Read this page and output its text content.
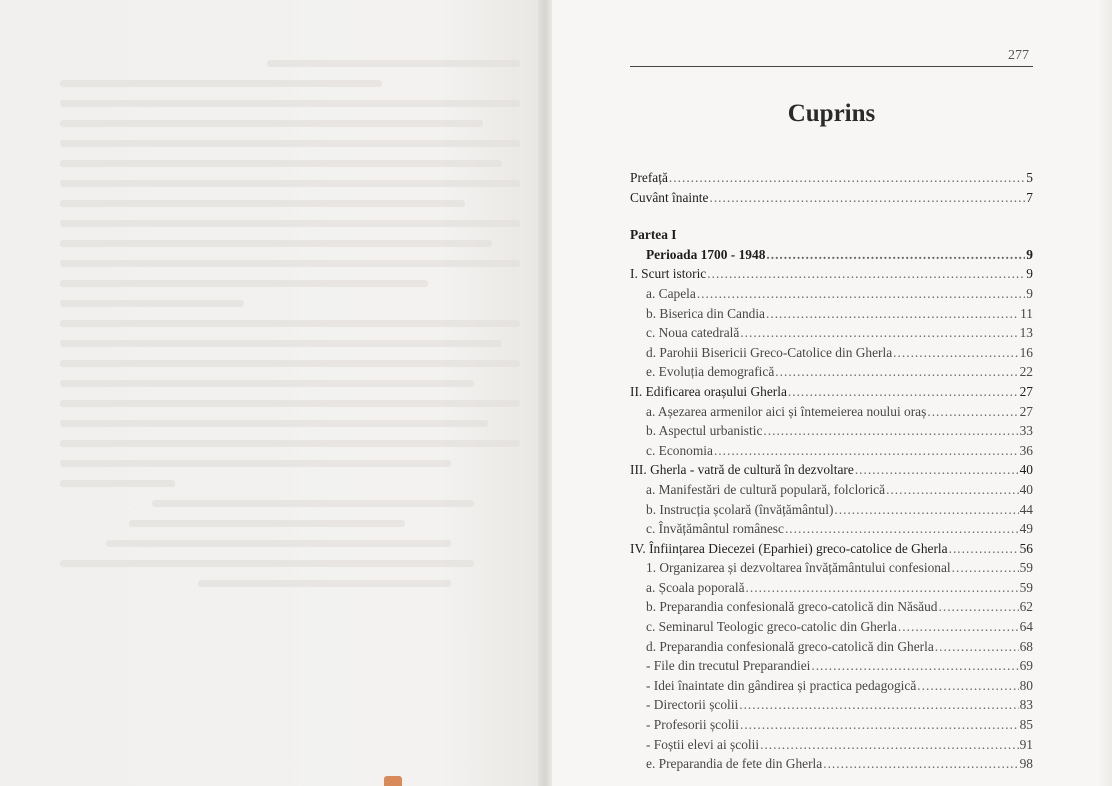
277
Cuprins
Prefață .....	5
Cuvânt înainte .....	7
Partea I
Perioada 1700 - 1948 .....	9
I. Scurt istoric .....	9
a. Capela .....	9
b. Biserica din Candia .....	11
c. Noua catedrală .....	13
d. Parohii Bisericii Greco-Catolice din Gherla .....	16
e. Evoluția demografică .....	22
II. Edificarea orașului Gherla .....	27
a. Așezarea armenilor aici și întemeierea noului oraș .....	27
b. Aspectul urbanistic .....	33
c. Economia .....	36
III. Gherla - vatră de cultură în dezvoltare .....	40
a. Manifestări de cultură populară, folclorică .....	40
b. Instrucția școlară (învățământul) .....	44
c. Învățământul românesc .....	49
IV. Înființarea Diecezei (Eparhiei) greco-catolice de Gherla .....	56
1. Organizarea și dezvoltarea învățământului confesional .....	59
a. Școala poporală .....	59
b. Preparandia confesională greco-catolică din Năsăud .....	62
c. Seminarul Teologic greco-catolic din Gherla .....	64
d. Preparandia confesională greco-catolică din Gherla .....	68
- File din trecutul Preparandiei .....	69
- Idei înaintate din gândirea și practica pedagogică .....	80
- Directorii școlii .....	83
- Profesorii școlii .....	85
- Foștii elevi ai școlii .....	91
e. Preparandia de fete din Gherla .....	98
